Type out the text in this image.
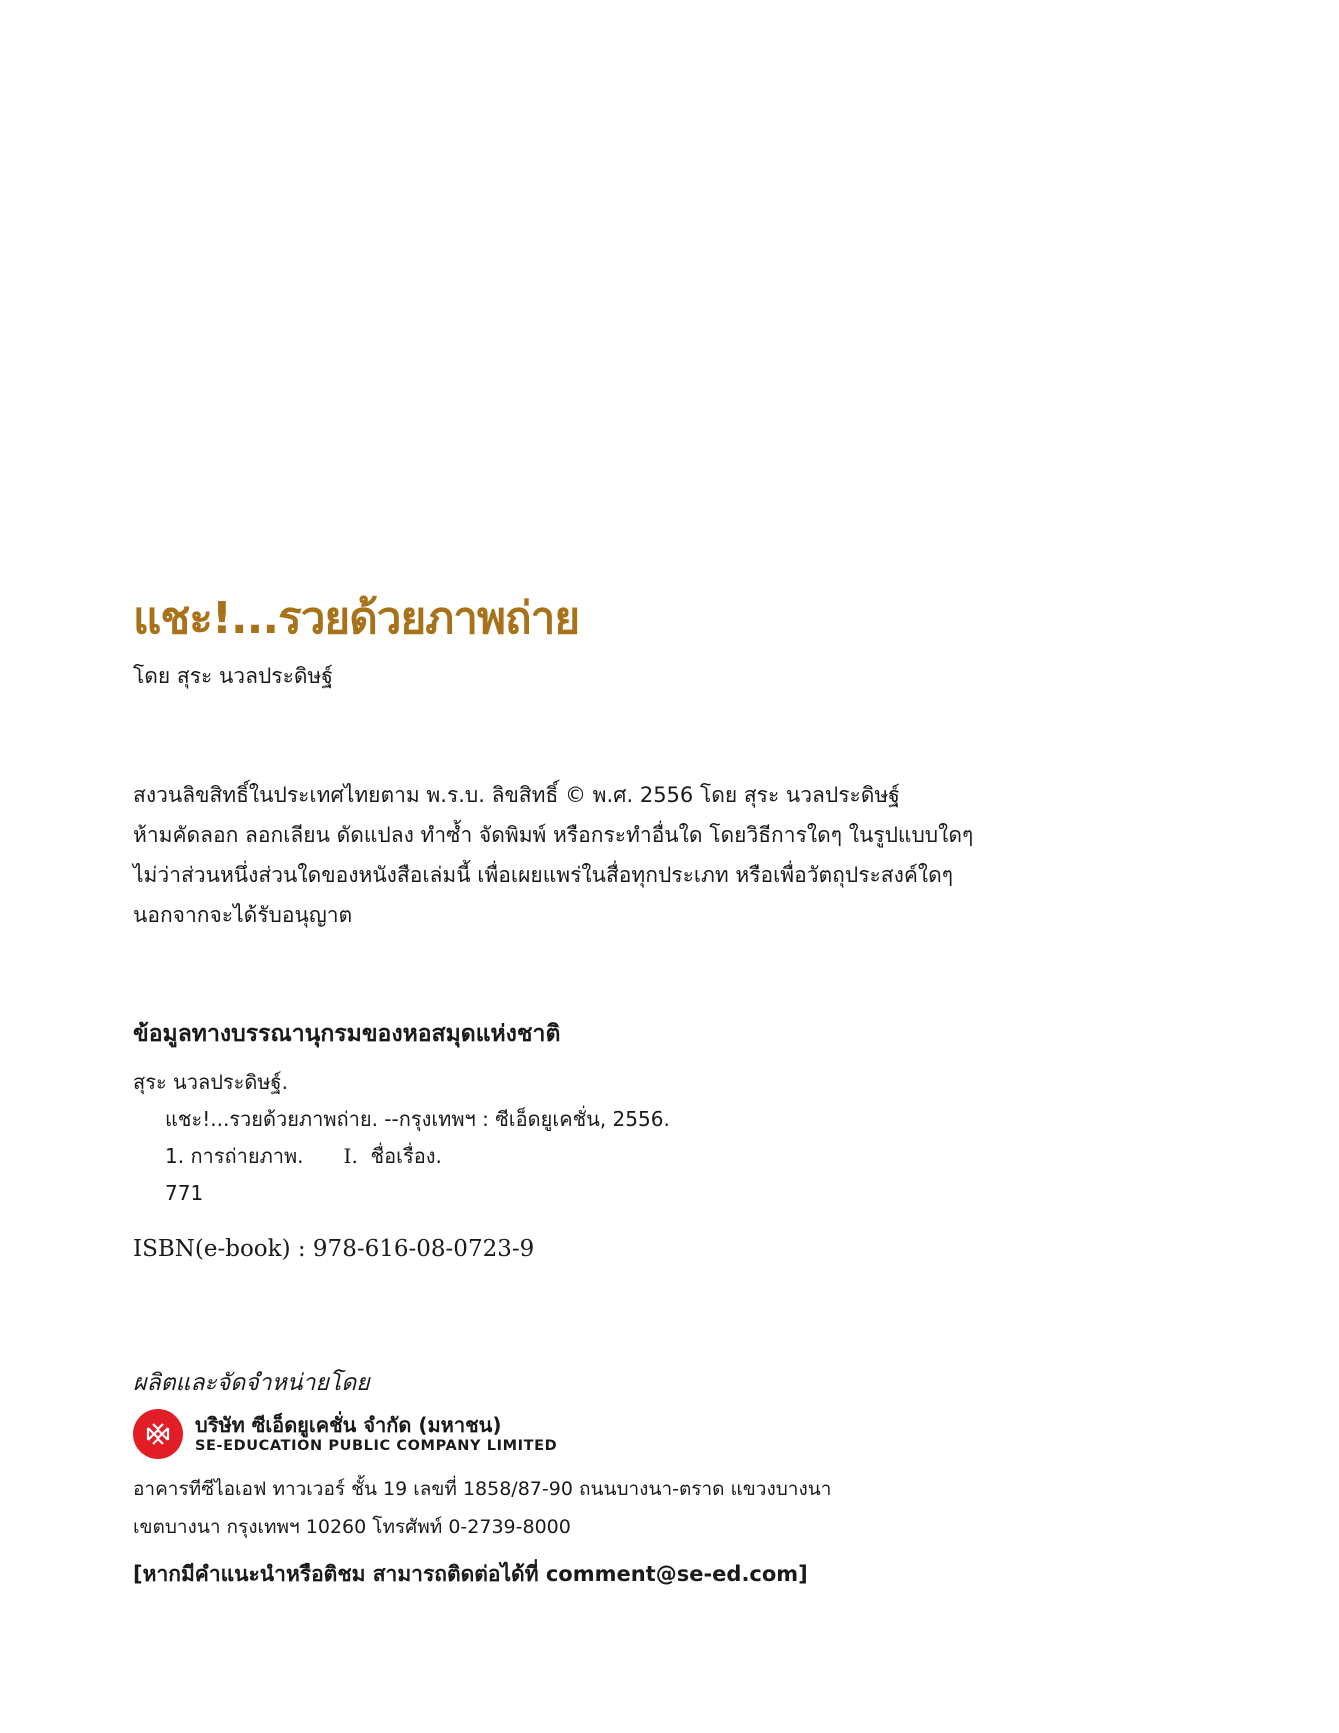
แชะ!...รวยด้วยภาพถ่าย
โดย สุระ นวลประดิษฐ์
สงวนลิขสิทธิ์ในประเทศไทยตาม พ.ร.บ. ลิขสิทธิ์ © พ.ศ. 2556 โดย สุระ นวลประดิษฐ์
ห้ามคัดลอก ลอกเลียน ดัดแปลง ทำซ้ำ จัดพิมพ์ หรือกระทำอื่นใด โดยวิธีการใดๆ ในรูปแบบใดๆ
ไม่ว่าส่วนหนึ่งส่วนใดของหนังสือเล่มนี้ เพื่อเผยแพร่ในสื่อทุกประเภท หรือเพื่อวัตถุประสงค์ใดๆ
นอกจากจะได้รับอนุญาต
ข้อมูลทางบรรณานุกรมของหอสมุดแห่งชาติ
สุระ นวลประดิษฐ์.
แชะ!...รวยด้วยภาพถ่าย. --กรุงเทพฯ : ซีเอ็ดยูเคชั่น, 2556.
1. การถ่ายภาพ. I. ชื่อเรื่อง.
771
ISBN(e-book) : 978-616-08-0723-9
ผลิตและจัดจำหน่ายโดย
บริษัท ซีเอ็ดยูเคชั่น จำกัด (มหาชน)
SE-EDUCATION PUBLIC COMPANY LIMITED
อาคารทีซีไอเอฟ ทาวเวอร์ ชั้น 19 เลขที่ 1858/87-90 ถนนบางนา-ตราด แขวงบางนา
เขตบางนา กรุงเทพฯ 10260 โทรศัพท์ 0-2739-8000
[หากมีคำแนะนำหรือติชม สามารถติดต่อได้ที่ comment@se-ed.com]
